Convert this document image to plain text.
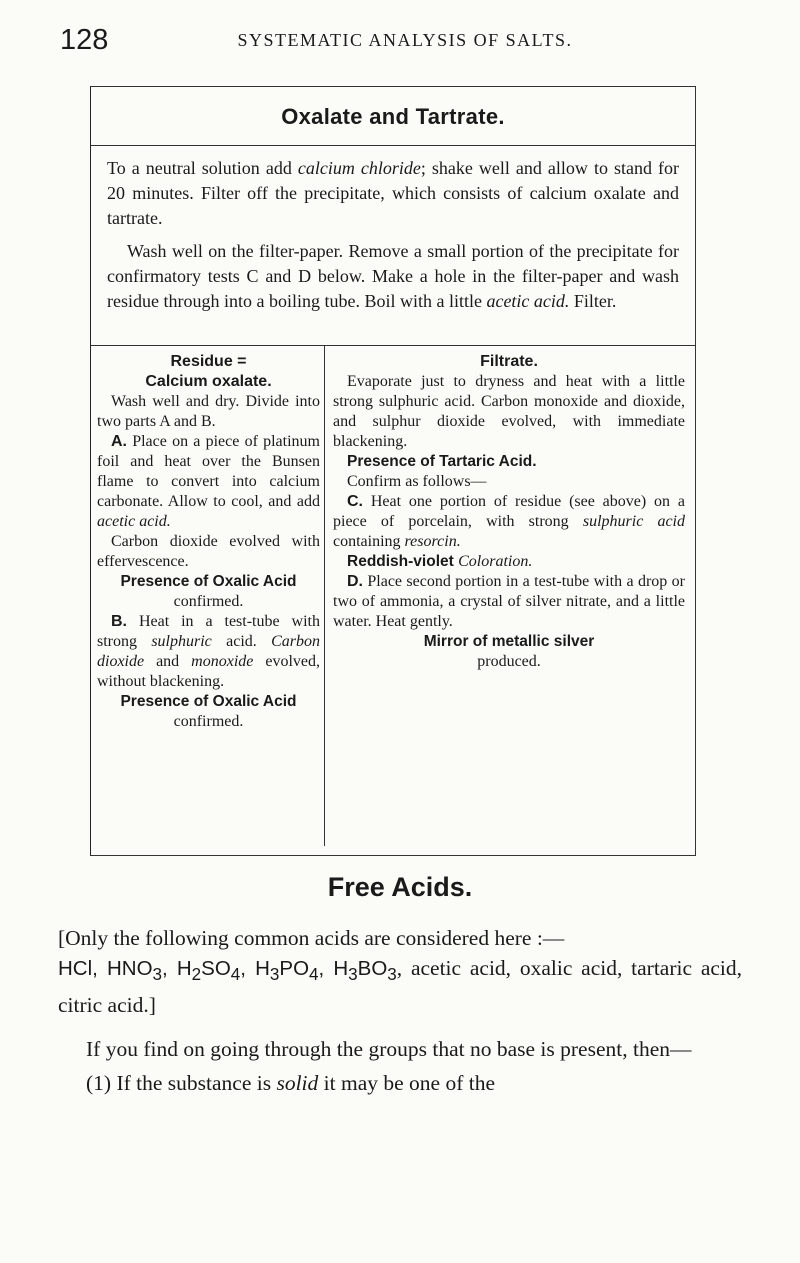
128	SYSTEMATIC ANALYSIS OF SALTS.
Oxalate and Tartrate.

To a neutral solution add calcium chloride; shake well and allow to stand for 20 minutes. Filter off the precipitate, which consists of calcium oxalate and tartrate.

Wash well on the filter-paper. Remove a small portion of the precipitate for confirmatory tests C and D below. Make a hole in the filter-paper and wash residue through into a boiling tube. Boil with a little acetic acid. Filter.

Residue =
Calcium oxalate.

Wash well and dry. Divide into two parts A and B.

A. Place on a piece of platinum foil and heat over the Bunsen flame to convert into calcium carbonate. Allow to cool, and add acetic acid.

Carbon dioxide evolved with effervescence.

Presence of Oxalic Acid

confirmed.

B. Heat in a test-tube with strong sulphuric acid. Carbon dioxide and monoxide evolved, without blackening.

Presence of Oxalic Acid

confirmed.

Filtrate.

Evaporate just to dryness and heat with a little strong sulphuric acid. Carbon monoxide and dioxide, and sulphur dioxide evolved, with immediate blackening.

Presence of Tartaric Acid.

Confirm as follows—

C. Heat one portion of residue (see above) on a piece of porcelain, with strong sulphuric acid containing resorcin.

Reddish-violet Coloration.

D. Place second portion in a test-tube with a drop or two of ammonia, a crystal of silver nitrate, and a little water. Heat gently.

Mirror of metallic silver

produced.

Free Acids.

[Only the following common acids are considered here :—
HCl, $HNO_3$, $H_2SO_4$, $H_3PO_4$, $H_3BO_3$, acetic acid, oxalic acid, tartaric acid, citric acid.]

If you find on going through the groups that no base is present, then—

(1) If the substance is solid it may be one of the
